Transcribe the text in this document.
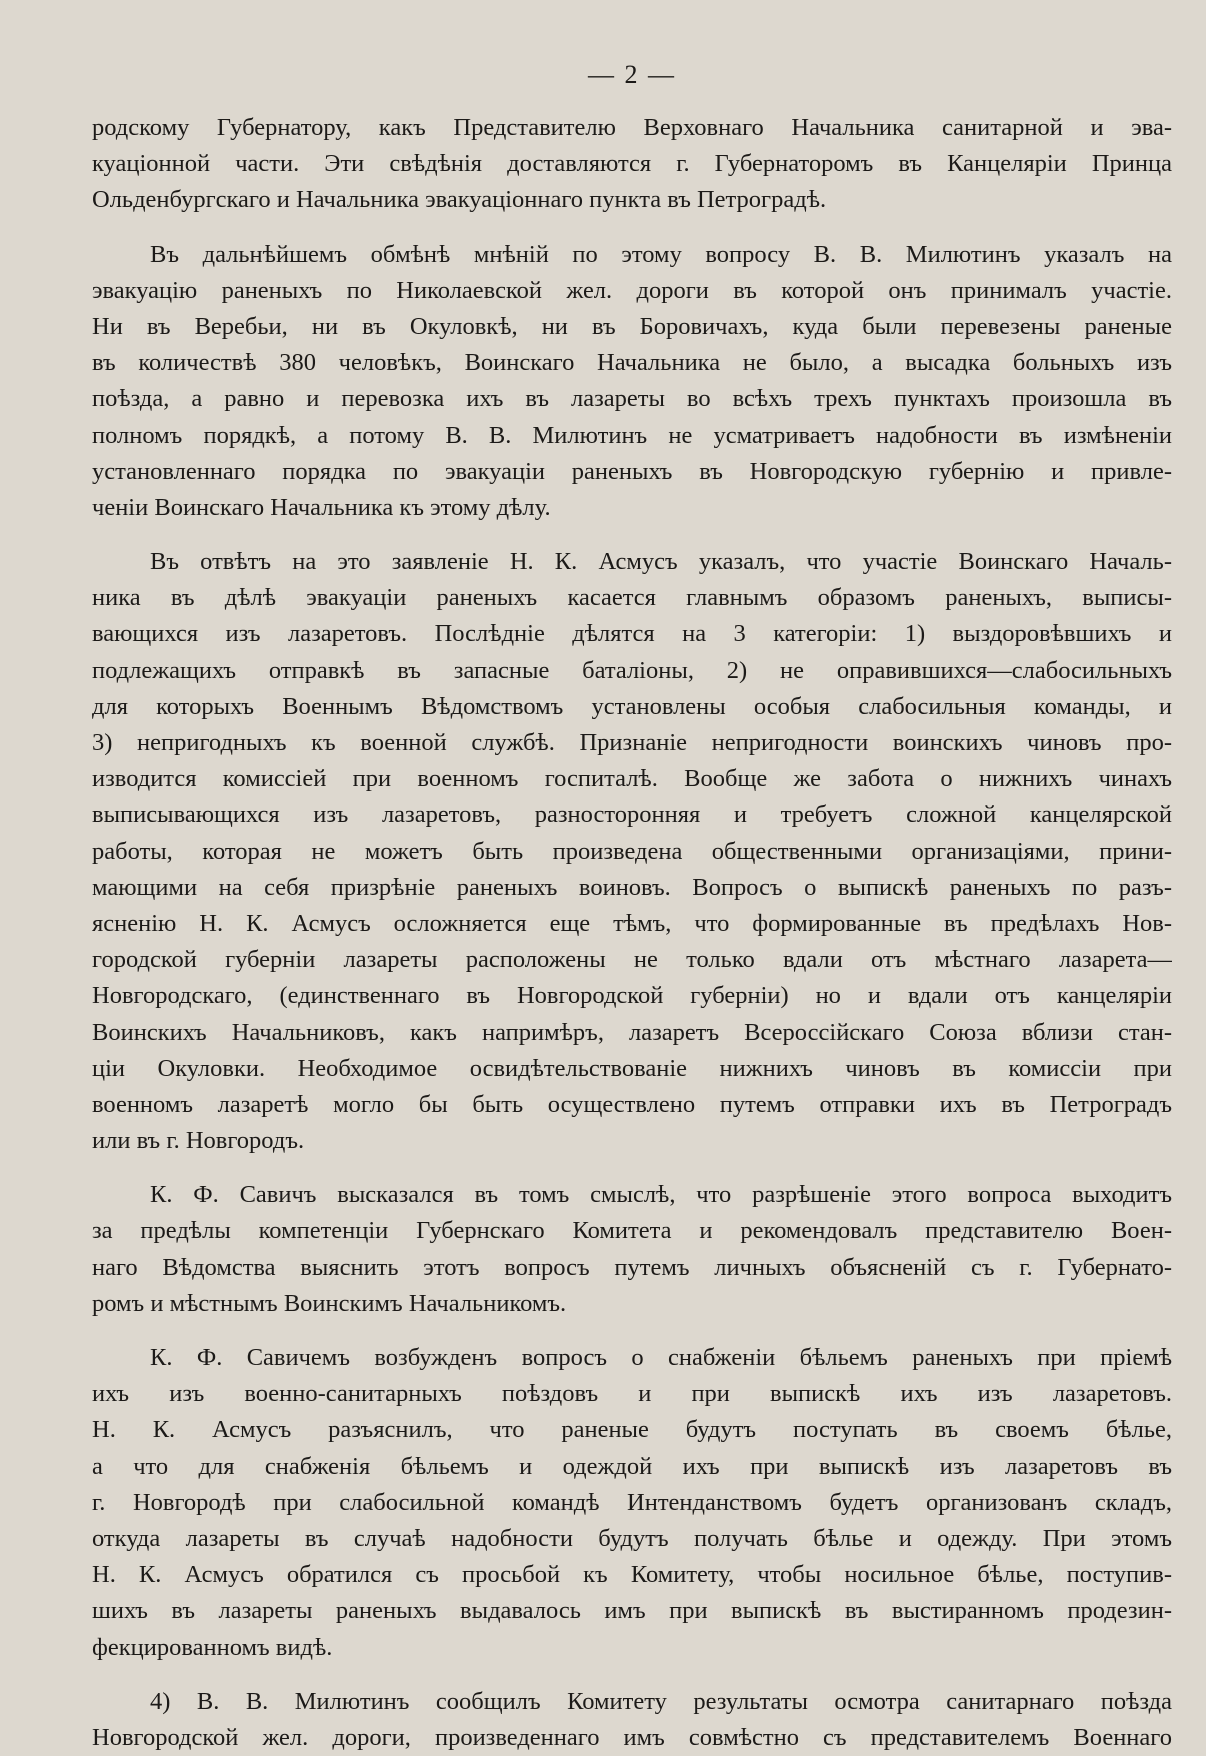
— 2 —
родскому Губернатору, какъ Представителю Верховнаго Начальника санитарной и эва-
куаціонной части. Эти свѣдѣнія доставляются г. Губернаторомъ въ Канцеляріи Принца
Ольденбургскаго и Начальника эвакуаціоннаго пункта въ Петроградѣ.
Въ дальнѣйшемъ обмѣнѣ мнѣній по этому вопросу В. В. Милютинъ указалъ на
эвакуацію раненыхъ по Николаевской жел. дороги въ которой онъ принималъ участіе.
Ни въ Веребьи, ни въ Окуловкѣ, ни въ Боровичахъ, куда были перевезены раненые
въ количествѣ 380 человѣкъ, Воинскаго Начальника не было, а высадка больныхъ изъ
поѣзда, а равно и перевозка ихъ въ лазареты во всѣхъ трехъ пунктахъ произошла въ
полномъ порядкѣ, а потому В. В. Милютинъ не усматриваетъ надобности въ измѣненіи
установленнаго порядка по эвакуаціи раненыхъ въ Новгородскую губернію и привле-
ченіи Воинскаго Начальника къ этому дѣлу.
Въ отвѣтъ на это заявленіе Н. К. Асмусъ указалъ, что участіе Воинскаго Началь-
ника въ дѣлѣ эвакуаціи раненыхъ касается главнымъ образомъ раненыхъ, выписы-
вающихся изъ лазаретовъ. Послѣдніе дѣлятся на 3 категоріи: 1) выздоровѣвшихъ и
подлежащихъ отправкѣ въ запасные баталіоны, 2) не оправившихся—слабосильныхъ
для которыхъ Военнымъ Вѣдомствомъ установлены особыя слабосильныя команды, и
3) непригодныхъ къ военной службѣ. Признаніе непригодности воинскихъ чиновъ про-
изводится комиссіей при военномъ госпиталѣ. Вообще же забота о нижнихъ чинахъ
выписывающихся изъ лазаретовъ, разносторонняя и требуетъ сложной канцелярской
работы, которая не можетъ быть произведена общественными организаціями, прини-
мающими на себя призрѣніе раненыхъ воиновъ. Вопросъ о выпискѣ раненыхъ по разъ-
ясненію Н. К. Асмусъ осложняется еще тѣмъ, что формированные въ предѣлахъ Нов-
городской губерніи лазареты расположены не только вдали отъ мѣстнаго лазарета—
Новгородскаго, (единственнаго въ Новгородской губерніи) но и вдали отъ канцеляріи
Воинскихъ Начальниковъ, какъ напримѣръ, лазаретъ Всероссійскаго Союза вблизи стан-
ціи Окуловки. Необходимое освидѣтельствованіе нижнихъ чиновъ въ комиссіи при
военномъ лазаретѣ могло бы быть осуществлено путемъ отправки ихъ въ Петроградъ
или въ г. Новгородъ.
К. Ф. Савичъ высказался въ томъ смыслѣ, что разрѣшеніе этого вопроса выходитъ
за предѣлы компетенціи Губернскаго Комитета и рекомендовалъ представителю Воен-
наго Вѣдомства выяснить этотъ вопросъ путемъ личныхъ объясненій съ г. Губернато-
ромъ и мѣстнымъ Воинскимъ Начальникомъ.
К. Ф. Савичемъ возбужденъ вопросъ о снабженіи бѣльемъ раненыхъ при пріемѣ
ихъ изъ военно-санитарныхъ поѣздовъ и при выпискѣ ихъ изъ лазаретовъ.
Н. К. Асмусъ разъяснилъ, что раненые будутъ поступать въ своемъ бѣлье,
а что для снабженія бѣльемъ и одеждой ихъ при выпискѣ изъ лазаретовъ въ
г. Новгородѣ при слабосильной командѣ Интенданствомъ будетъ организованъ складъ,
откуда лазареты въ случаѣ надобности будутъ получать бѣлье и одежду. При этомъ
Н. К. Асмусъ обратился съ просьбой къ Комитету, чтобы носильное бѣлье, поступив-
шихъ въ лазареты раненыхъ выдавалось имъ при выпискѣ въ выстиранномъ продезин-
фекцированномъ видѣ.
4) В. В. Милютинъ сообщилъ Комитету результаты осмотра санитарнаго поѣзда
Новгородской жел. дороги, произведеннаго имъ совмѣстно съ представителемъ Военнаго
